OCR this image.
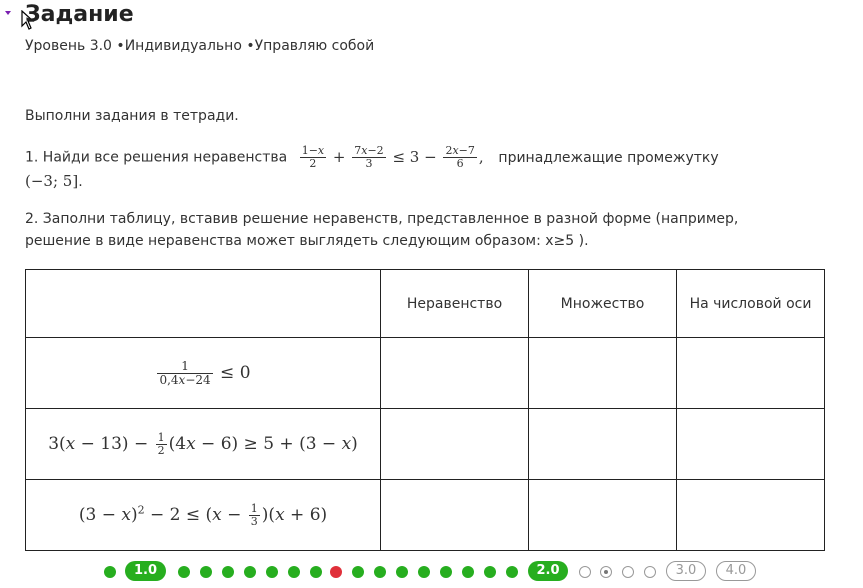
Задание
Уровень 3.0 • Индивидуально  • Управляю собой
Выполни задания в тетради.
1. Найди все решения неравенства $\frac{1-x}{2} + \frac{7x-2}{3} \le 3 - \frac{2x-7}{6}$ , принадлежащие промежутку
(−3; 5].
2. Заполни таблицу, вставив решение неравенств, представленное в разной форме (например, решение в виде неравенства может выглядеть следующим образом: x≥5 ).
	Неравенство	Множество	На числовой оси

$\frac{1}{0,4x-24} \le 0$			
$3(x - 13) - \frac{1}{2} (4x - 6) \ge 5 + (3 - x)$			
$(3 - x)^2 - 2 \le (x - \frac{1}{3} )(x + 6)$			
1.0	2.0	3.0	4.0
